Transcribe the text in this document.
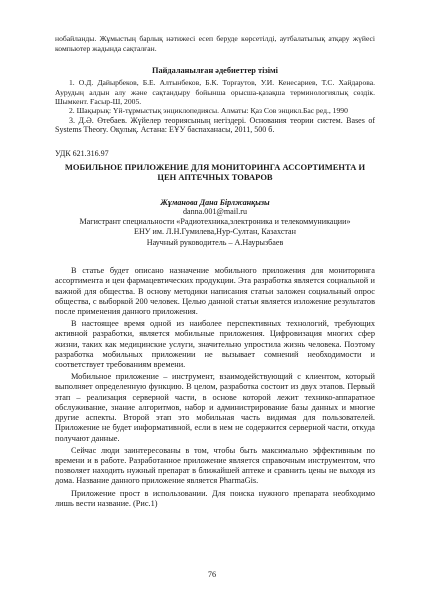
нобайланды. Жұмыстың барлық нәтижесі есеп беруде көрсетілді, аутбалатылық атқару жүйесі компьютер жадында сақталған.

Пайдаланылған әдебиеттер тізімі

1. О.Д. Дайырбеков, Б.Е. Алтынбеков, Б.К. Торғаутов, У.И. Кенесариев, Т.С. Хайдарова. Аурудың алдын алу және сақтандыру бойынша орысша-қазақша терминологиялық сөздік. Шымкент. Ғасыр-Ш, 2005.

2. Шақырық: Үй-тұрмыстық энциклопедиясы. Алматы: Қаз Сов энцикл.Бас ред., 1990

3. Д.Ә. Өтебаев. Жүйелер теориясының негіздері. Основания теории систем. Bases of Systems Theory. Оқулық. Астана: ЕҰУ баспаханасы, 2011, 500 б.

УДК 621.316.97
МОБИЛЬНОЕ ПРИЛОЖЕНИЕ ДЛЯ МОНИТОРИНГА АССОРТИМЕНТА И ЦЕН АПТЕЧНЫХ ТОВАРОВ
Жұманова Дана Бірлжанқызы
danna.001@mail.ru
Магистрант специальности «Радиотехника,электроника и телекоммуникации»
ЕНУ им. Л.Н.Гумилева,Нур-Султан, Казахстан
Научный руководитель – А.Наурызбаев

В статье будет описано назначение мобильного приложения для мониторинга ассортимента и цен фармацевтических продукции. Эта разработка является социальной и важной для общества. В основу методики написания статьи заложен социальный опрос общества, с выборкой 200 человек. Целью данной статьи является изложение результатов после применения данного приложения.

В настоящее время одной из наиболее перспективных технологий, требующих активной разработки, является мобильные приложения. Цифровизация многих сфер жизни, таких как медицинские услуги, значительно упростила жизнь человека. Поэтому разработка мобильных приложении не вызывает сомнений необходимости и соответствует требованиям времени.

Мобильное приложение – инструмент, взаимодействующий с клиентом, который выполняет определенную функцию. В целом, разработка состоит из двух этапов. Первый этап – реализация серверной части, в основе которой лежит технико-аппаратное обслуживание, знание алгоритмов, набор и администрирование базы данных и многие другие аспекты. Второй этап это мобильная часть видимая для пользователей. Приложение не будет информативной, если в нем не содержится серверной части, откуда получают данные.

Сейчас люди заинтересованы в том, чтобы быть максимально эффективным по времени и в работе. Разработанное приложение является справочным инструментом, что позволяет находить нужный препарат в ближайшей аптеке и сравнить цены не выходя из дома. Название данного приложение является PharmaGis.

Приложение прост в использовании. Для поиска нужного препарата необходимо лишь вести название. (Рис.1)

76
